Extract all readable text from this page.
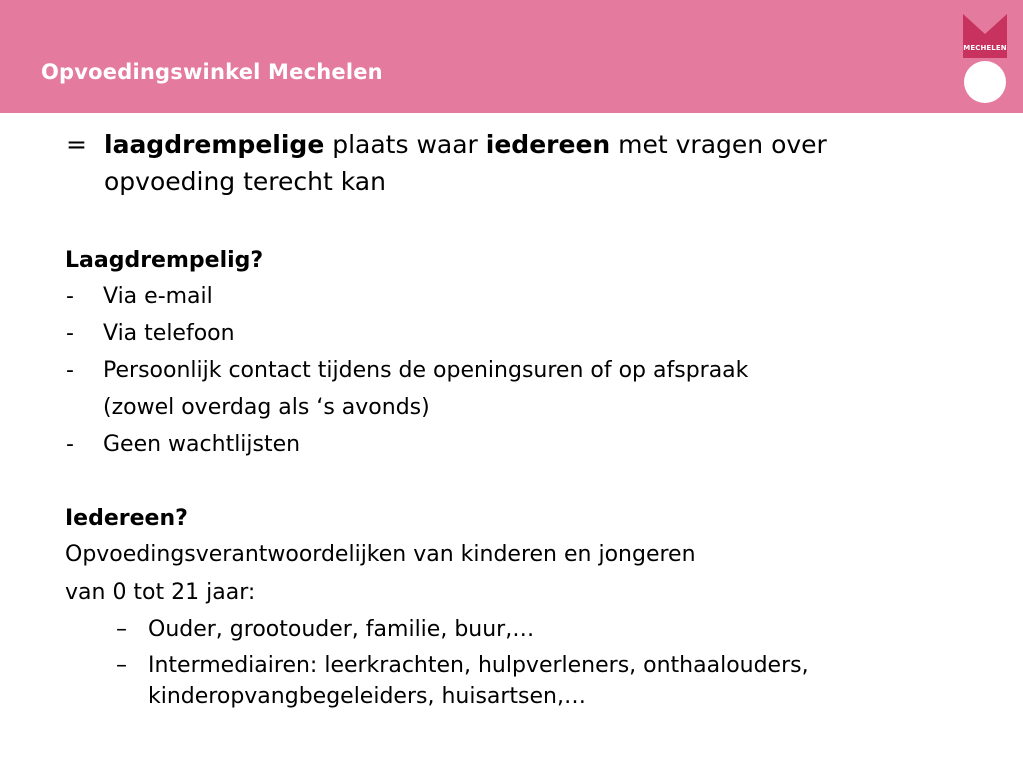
Opvoedingswinkel Mechelen
MECHELEN
= laagdrempelige plaats waar iedereen met vragen over
opvoeding terecht kan
Laagdrempelig?
- Via e-mail
- Via telefoon
- Persoonlijk contact tijdens de openingsuren of op afspraak
(zowel overdag als ‘s avonds)
- Geen wachtlijsten
Iedereen?
Opvoedingsverantwoordelijken van kinderen en jongeren
van 0 tot 21 jaar:
– Ouder, grootouder, familie, buur,…
– Intermediairen: leerkrachten, hulpverleners, onthaalouders,
kinderopvangbegeleiders, huisartsen,…
